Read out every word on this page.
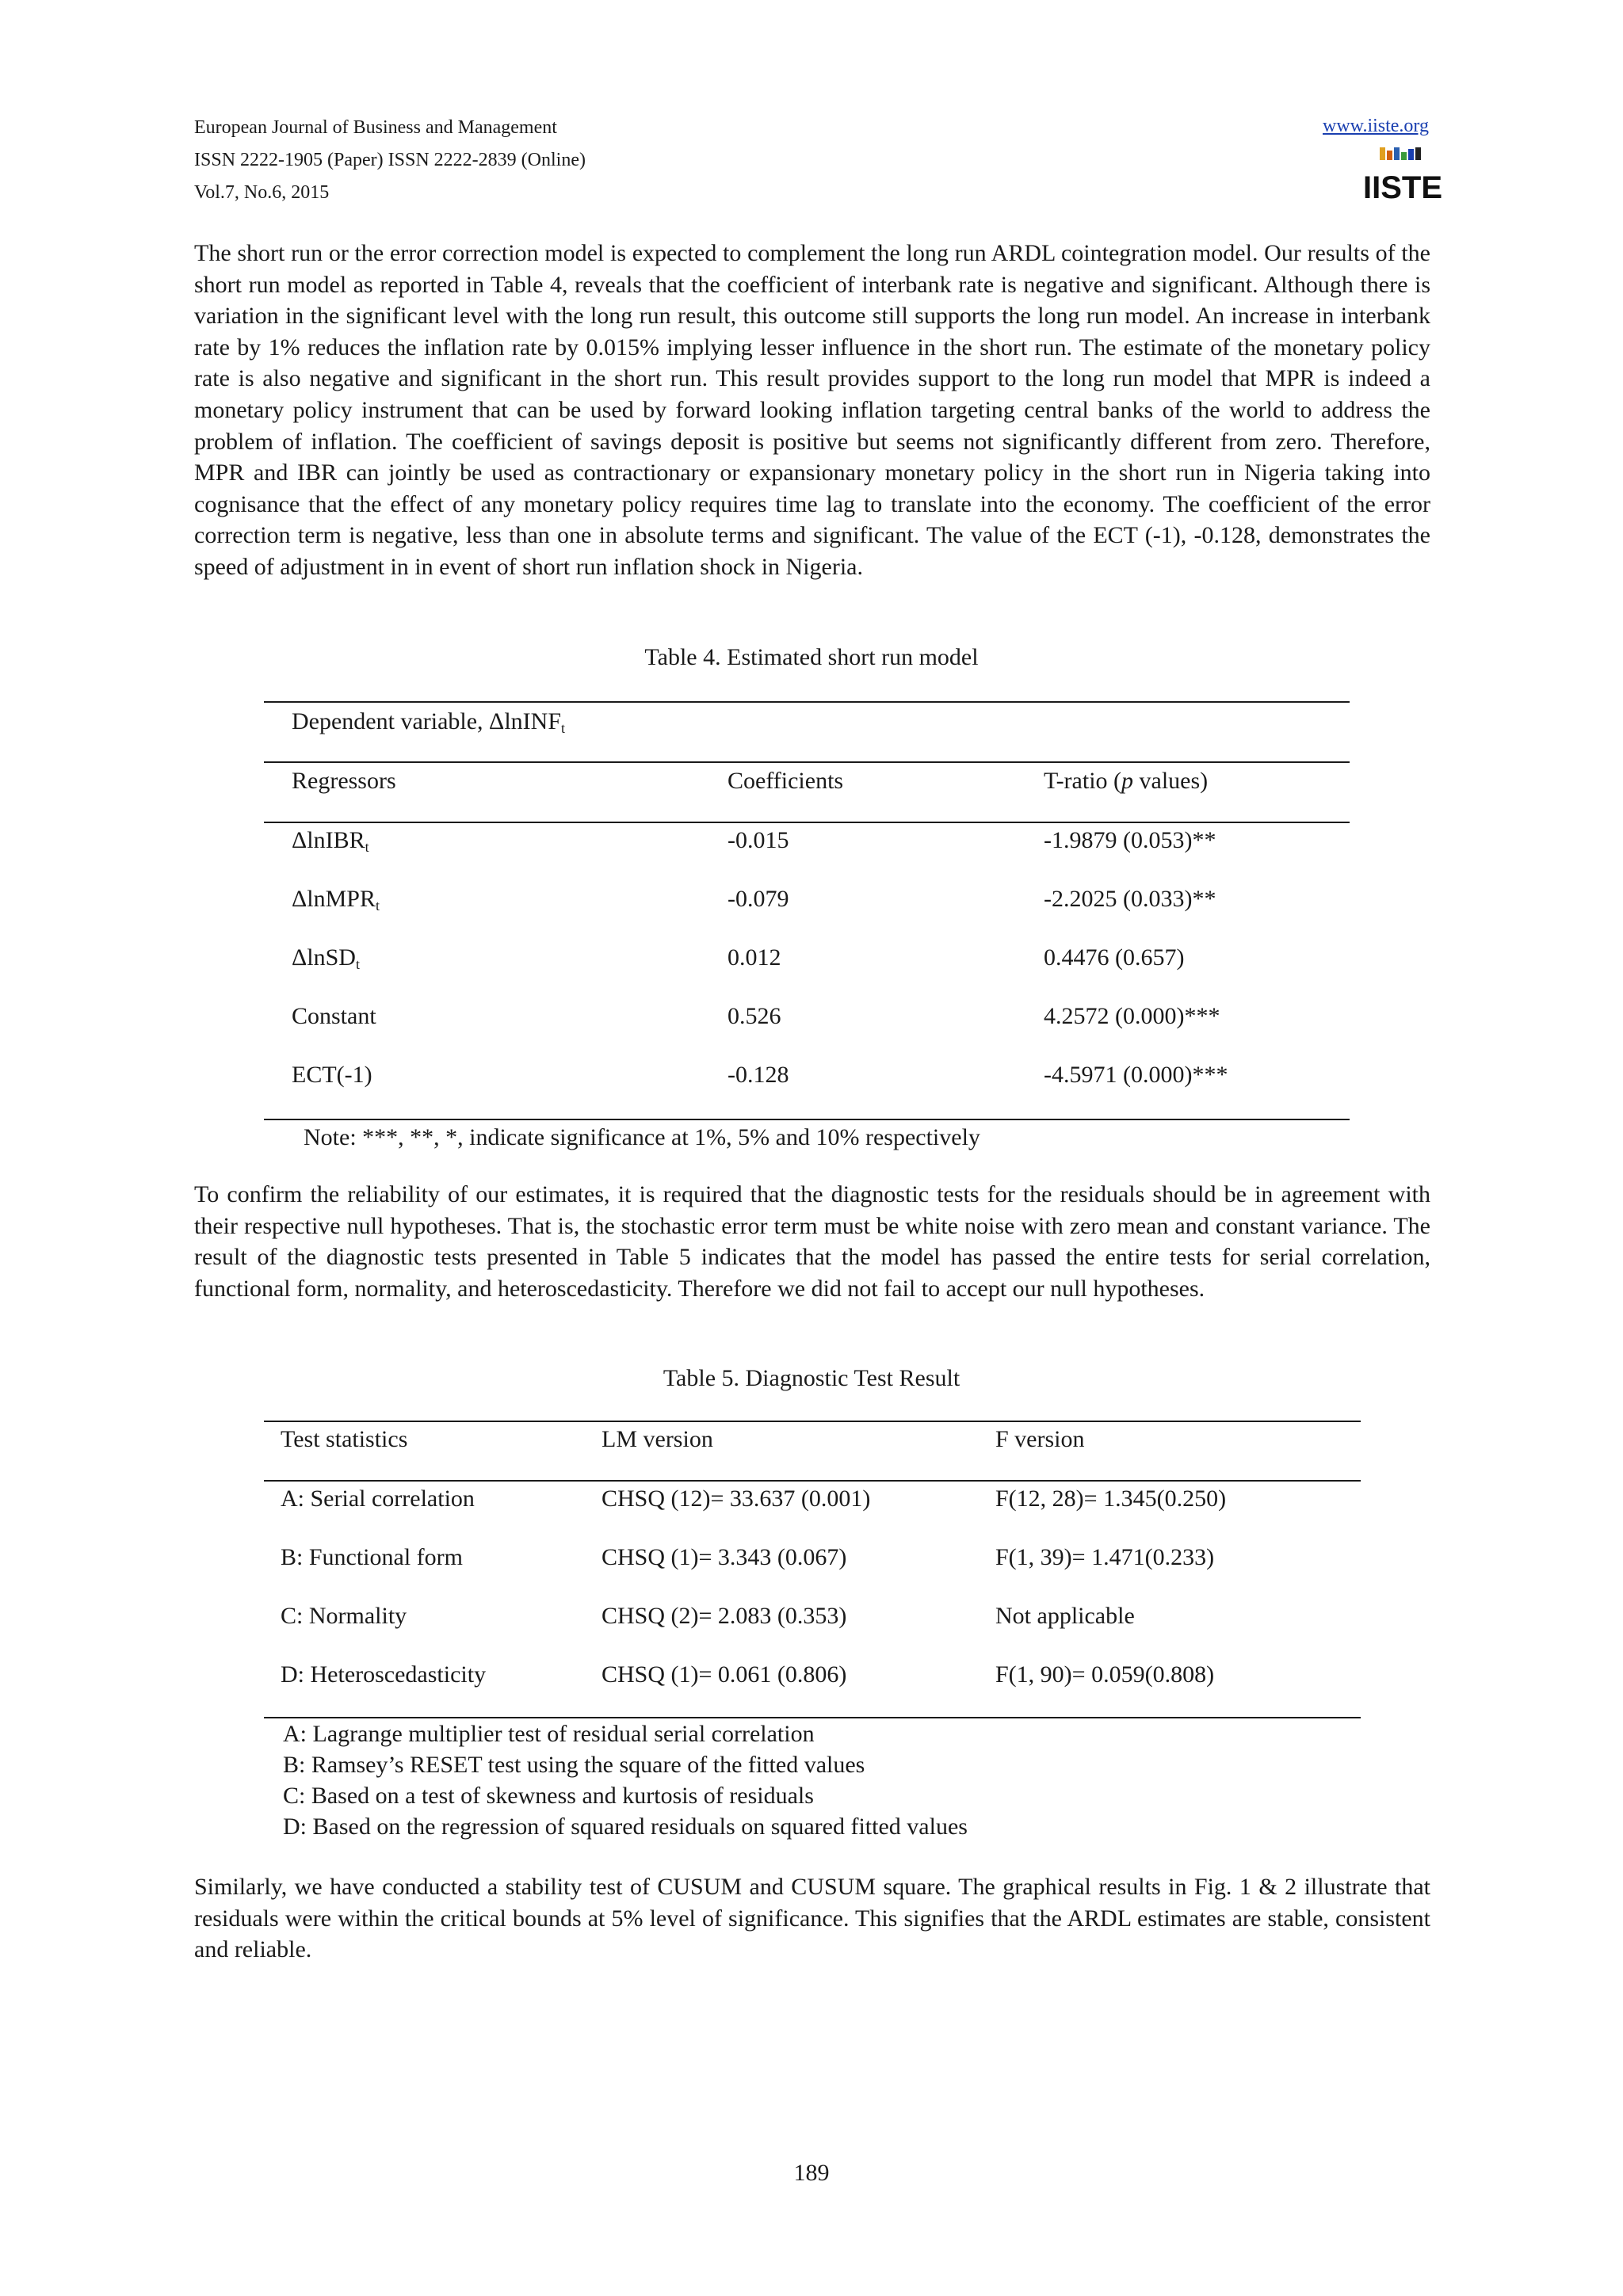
European Journal of Business and Management
ISSN 2222-1905 (Paper) ISSN 2222-2839 (Online)
Vol.7, No.6, 2015
www.iiste.org
IISTE
The short run or the error correction model is expected to complement the long run ARDL cointegration model. Our results of the short run model as reported in Table 4, reveals that the coefficient of interbank rate is negative and significant. Although there is variation in the significant level with the long run result, this outcome still supports the long run model. An increase in interbank rate by 1% reduces the inflation rate by 0.015% implying lesser influence in the short run. The estimate of the monetary policy rate is also negative and significant in the short run. This result provides support to the long run model that MPR is indeed a monetary policy instrument that can be used by forward looking inflation targeting central banks of the world to address the problem of inflation. The coefficient of savings deposit is positive but seems not significantly different from zero. Therefore, MPR and IBR can jointly be used as contractionary or expansionary monetary policy in the short run in Nigeria taking into cognisance that the effect of any monetary policy requires time lag to translate into the economy. The coefficient of the error correction term is negative, less than one in absolute terms and significant. The value of the ECT (-1), -0.128, demonstrates the speed of adjustment in in event of short run inflation shock in Nigeria.
Table 4. Estimated short run model
Dependent variable, ΔlnINF$_t$
Regressors	Coefficients	T-ratio (p values)
ΔlnIBR$_t$	-0.015	-1.9879 (0.053)**
ΔlnMPR$_t$	-0.079	-2.2025 (0.033)**
ΔlnSD$_t$	0.012	0.4476 (0.657)
Constant	0.526	4.2572 (0.000)***
ECT(-1)	-0.128	-4.5971 (0.000)***
Note: ***, **, *, indicate significance at 1%, 5% and 10% respectively
To confirm the reliability of our estimates, it is required that the diagnostic tests for the residuals should be in agreement with their respective null hypotheses. That is, the stochastic error term must be white noise with zero mean and constant variance. The result of the diagnostic tests presented in Table 5 indicates that the model has passed the entire tests for serial correlation, functional form, normality, and heteroscedasticity. Therefore we did not fail to accept our null hypotheses.
Table 5. Diagnostic Test Result
Test statistics	LM version	F version
A: Serial correlation	CHSQ (12)= 33.637 (0.001)	F(12, 28)= 1.345(0.250)
B: Functional form	CHSQ (1)= 3.343 (0.067)	F(1, 39)= 1.471(0.233)
C: Normality	CHSQ (2)= 2.083 (0.353)	Not applicable
D: Heteroscedasticity	CHSQ (1)= 0.061 (0.806)	F(1, 90)= 0.059(0.808)
A: Lagrange multiplier test of residual serial correlation
B: Ramsey’s RESET test using the square of the fitted values
C: Based on a test of skewness and kurtosis of residuals
D: Based on the regression of squared residuals on squared fitted values
Similarly, we have conducted a stability test of CUSUM and CUSUM square. The graphical results in Fig. 1 & 2 illustrate that residuals were within the critical bounds at 5% level of significance. This signifies that the ARDL estimates are stable, consistent and reliable.
189
